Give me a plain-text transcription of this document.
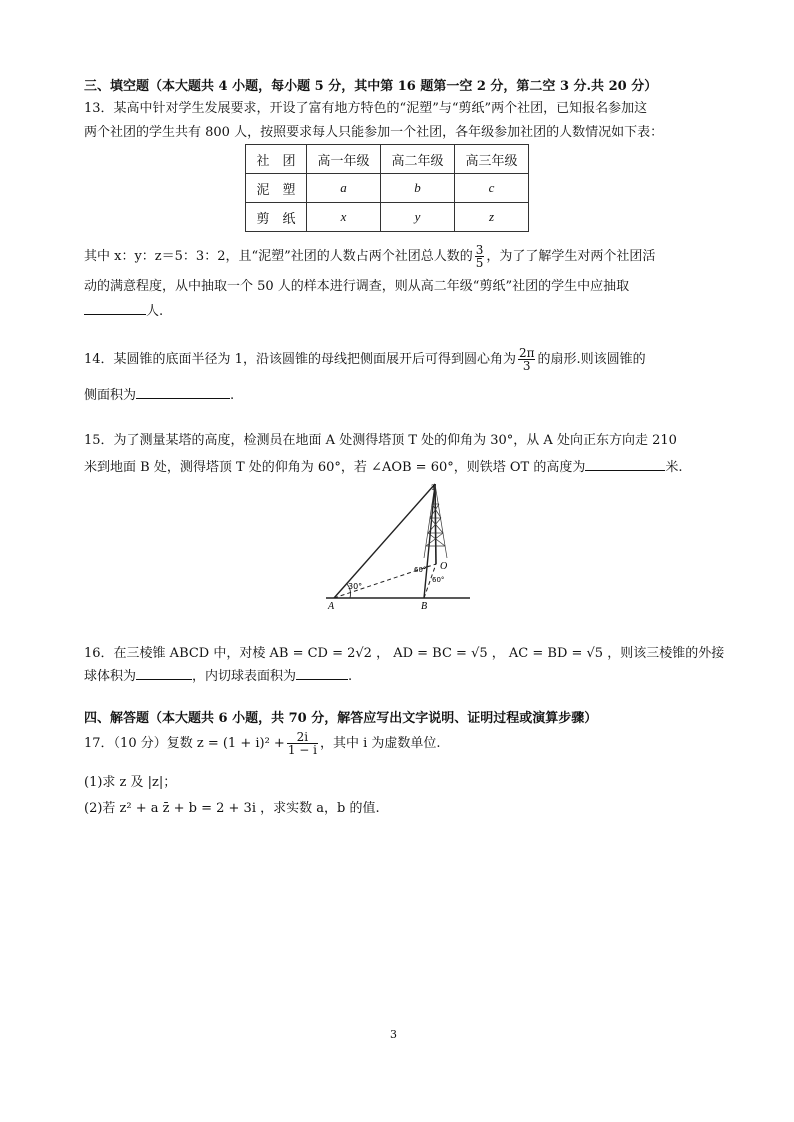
三、填空题（本大题共 4 小题，每小题 5 分，其中第 16 题第一空 2 分，第二空 3 分.共 20 分）
13．某高中针对学生发展要求，开设了富有地方特色的“泥塑”与“剪纸”两个社团，已知报名参加这
两个社团的学生共有 800 人，按照要求每人只能参加一个社团，各年级参加社团的人数情况如下表：
社　团	高一年级	高二年级	高三年级
泥　塑	a	b	c
剪　纸	x	y	z
其中 x：y：z＝5：3：2，且“泥塑”社团的人数占两个社团总人数的 $\frac{3}{5}$ ，为了了解学生对两个社团活
动的满意程度，从中抽取一个 50 人的样本进行调查，则从高二年级“剪纸”社团的学生中应抽取
人.
14．某圆锥的底面半径为 1，沿该圆锥的母线把侧面展开后可得到圆心角为 $\frac{2\pi}{3}$ 的扇形.则该圆锥的
侧面积为	.
15．为了测量某塔的高度，检测员在地面 A 处测得塔顶 T 处的仰角为 30°，从 A 处向正东方向走 210
米到地面 B 处，测得塔顶 T 处的仰角为 60°，若 ∠AOB = 60°，则铁塔 OT 的高度为	米.
T
O
A	B
30°
60°
60°
16．在三棱锥 ABCD 中，对棱 AB = CD = 2√2 ， AD = BC = √5 ， AC = BD = √5 ，则该三棱锥的外接
球体积为	，内切球表面积为	.
四、解答题（本大题共 6 小题，共 70 分，解答应写出文字说明、证明过程或演算步骤）
17．（10 分）复数 $z = (1 + i)^2 + \frac{2i}{1 - i}$ ，其中 i 为虚数单位.
(1)求 z 及 |z|；
(2)若 z² + a z̄ + b = 2 + 3i ，求实数 a，b 的值.
3
